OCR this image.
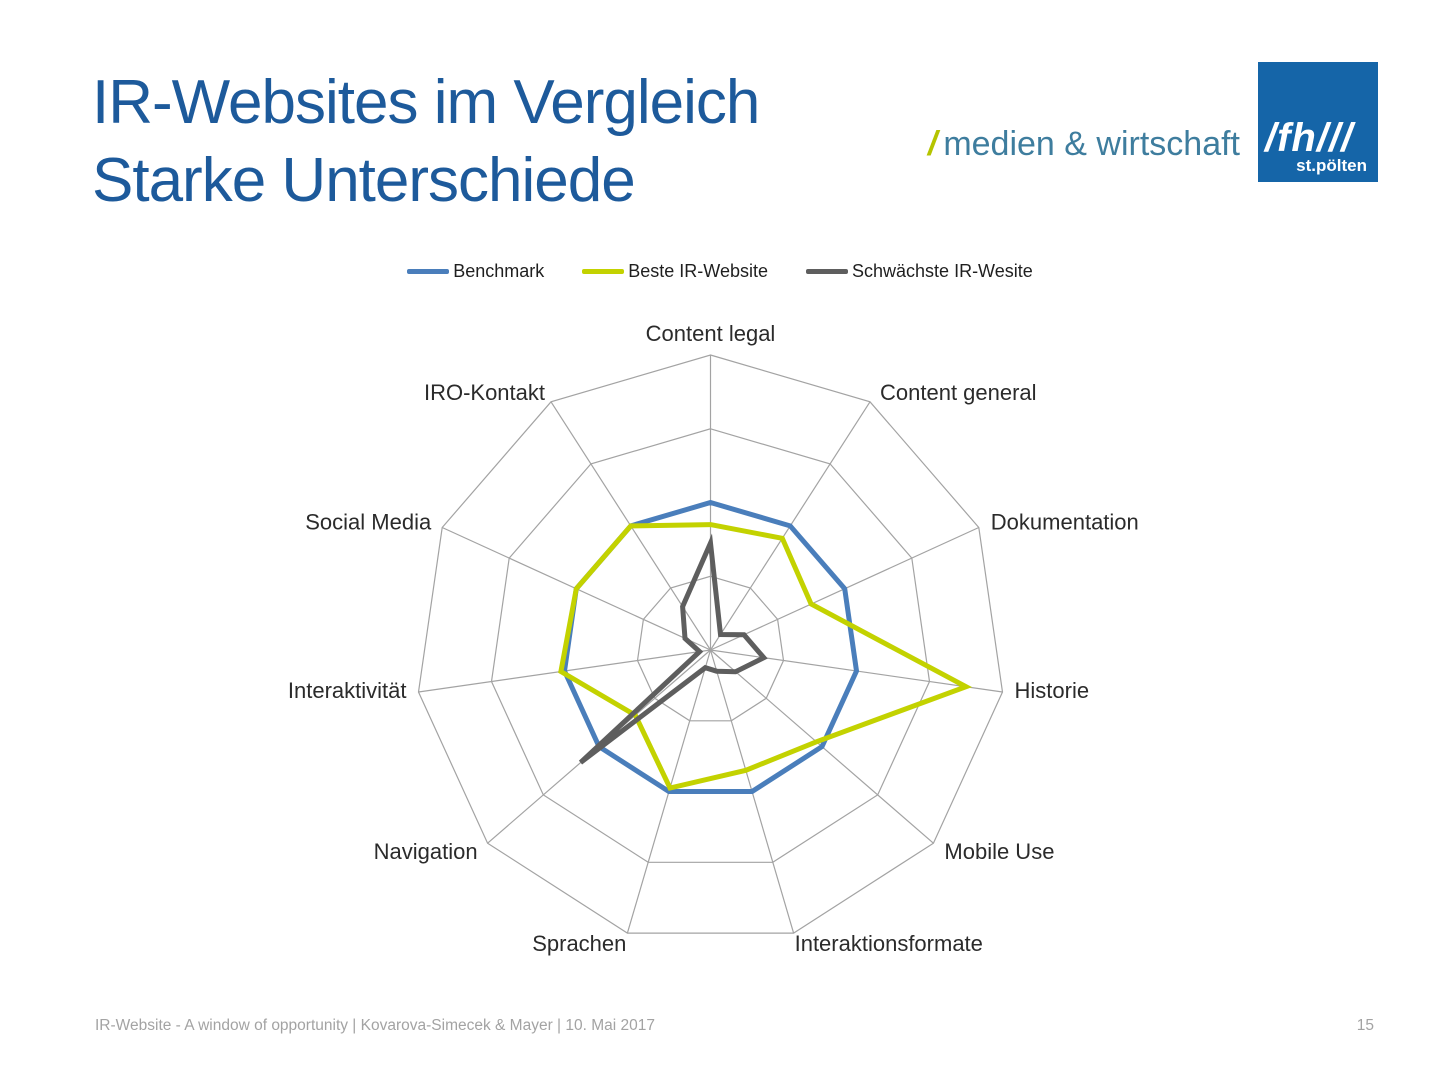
Content legal
Content general
Dokumentation
Historie
Mobile Use
Interaktionsformate
Sprachen
Navigation
Interaktivität
Social Media
IRO-Kontakt
IR-Websites im Vergleich
Starke Unterschiede
/ medien & wirtschaft /fh///
st.pölten
Benchmark	Beste IR-Website	Schwächste IR-Wesite
IR-Website - A window of opportunity | Kovarova-Simecek & Mayer | 10. Mai 2017	15
